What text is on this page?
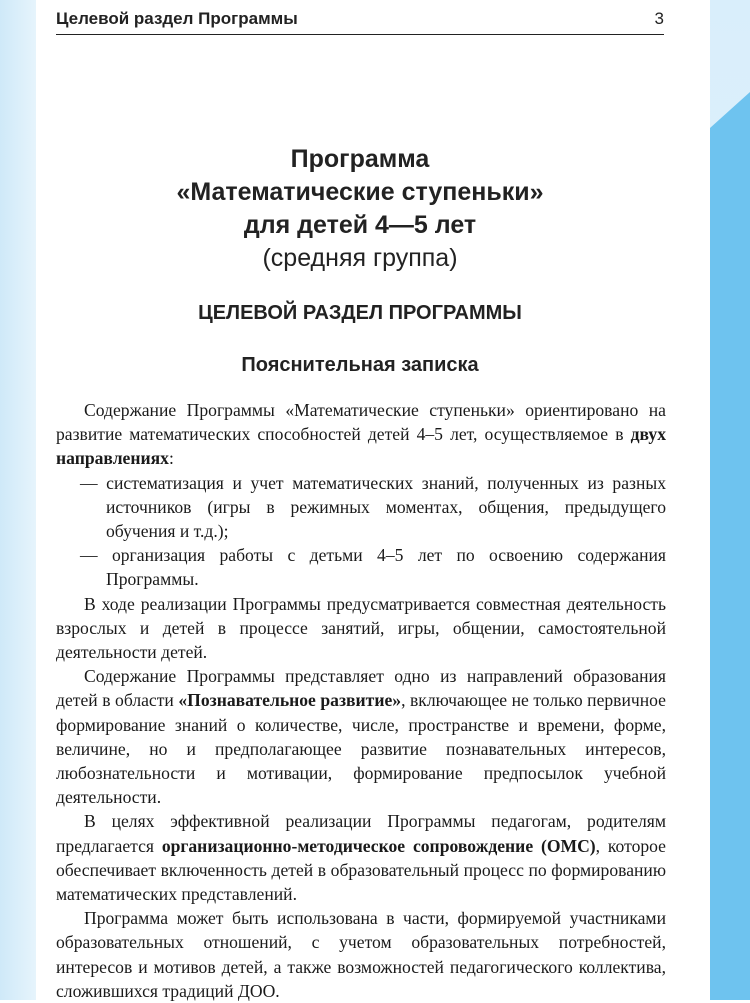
Целевой раздел Программы	3
Программа
«Математические ступеньки»
для детей 4—5 лет
(средняя группа)
ЦЕЛЕВОЙ РАЗДЕЛ ПРОГРАММЫ
Пояснительная записка

Содержание Программы «Математические ступеньки» ориентировано на развитие математических способностей детей 4–5 лет, осуществляемое в двух направлениях:

— систематизация и учет математических знаний, полученных из разных источников (игры в режимных моментах, общения, предыдущего обучения и т.д.);

— организация работы с детьми 4–5 лет по освоению содержания Программы.

В ходе реализации Программы предусматривается совместная деятельность взрослых и детей в процессе занятий, игры, общении, самостоятельной деятельности детей.

Содержание Программы представляет одно из направлений образования детей в области «Познавательное развитие», включающее не только первичное формирование знаний о количестве, числе, пространстве и времени, форме, величине, но и предполагающее развитие познавательных интересов, любознательности и мотивации, формирование предпосылок учебной деятельности.

В целях эффективной реализации Программы педагогам, родителям предлагается организационно-методическое сопровождение (ОМС), которое обеспечивает включенность детей в образовательный процесс по формированию математических представлений.

Программа может быть использована в части, формируемой участниками образовательных отношений, с учетом образовательных потребностей, интересов и мотивов детей, а также возможностей педагогического коллектива, сложившихся традиций ДОО.
